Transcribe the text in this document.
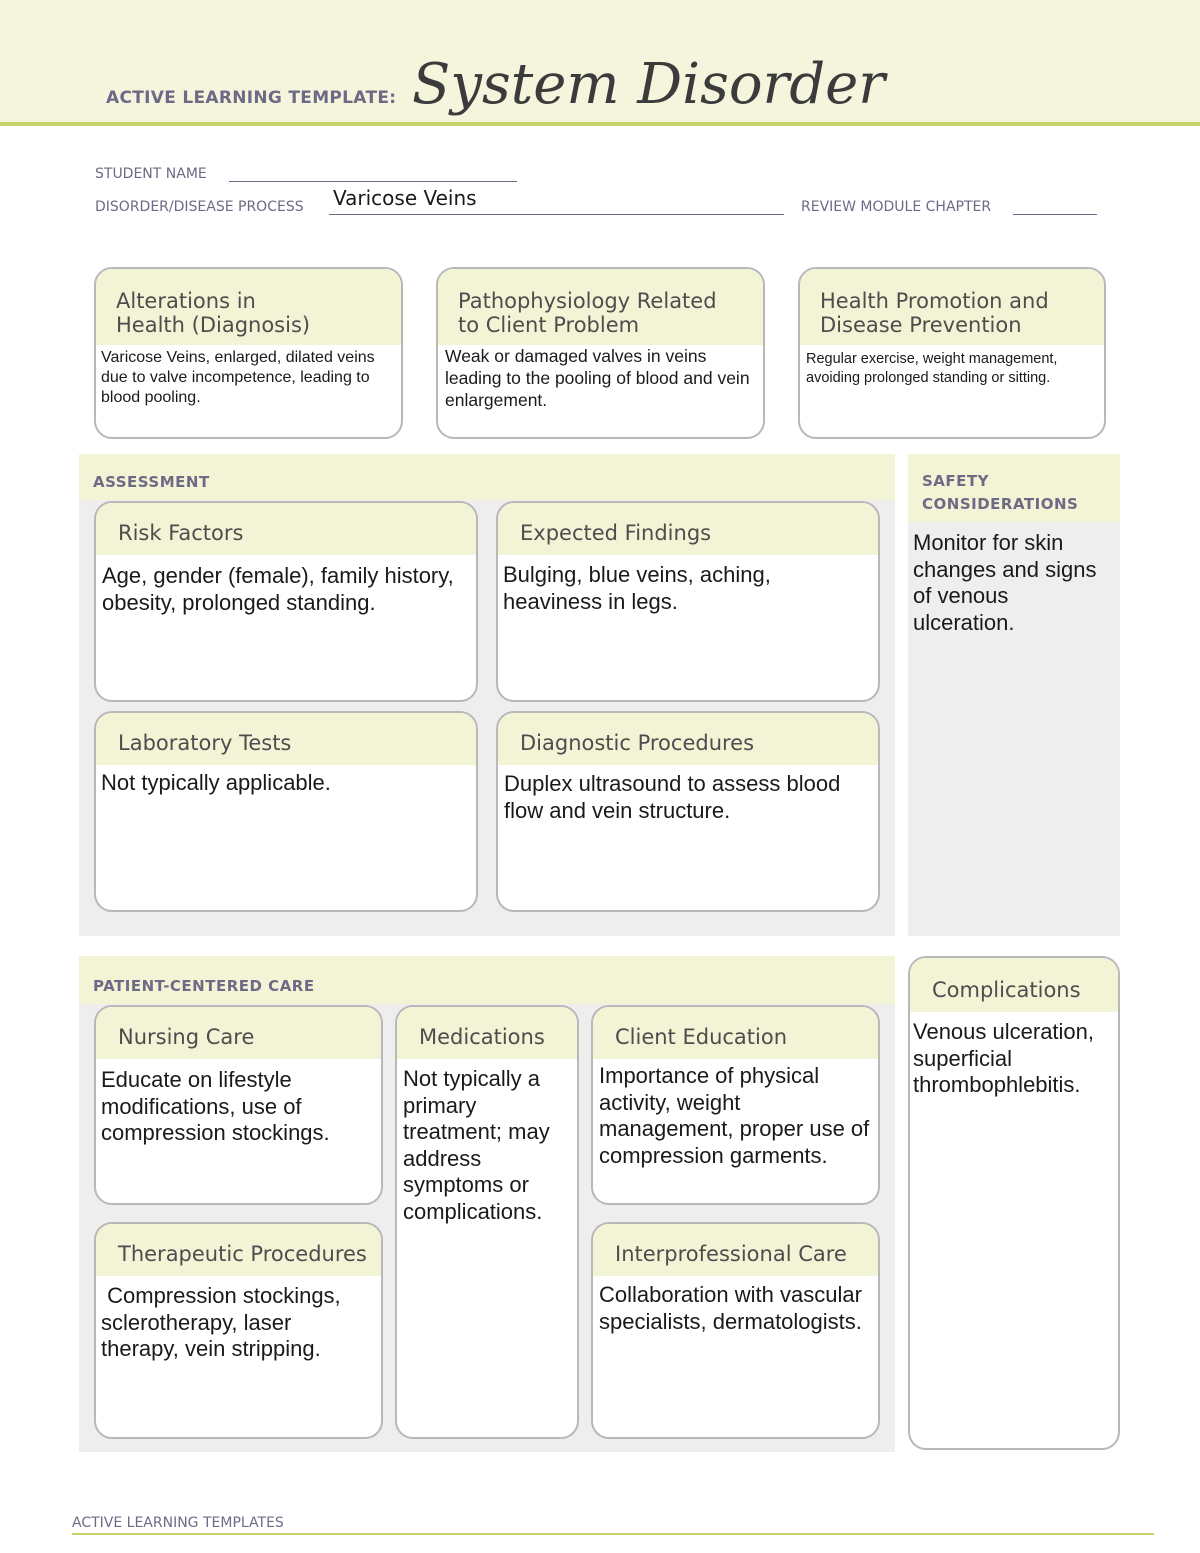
ACTIVE LEARNING TEMPLATE: System Disorder
STUDENT NAME
DISORDER/DISEASE PROCESS Varicose Veins	REVIEW MODULE CHAPTER
Alterations in
Health (Diagnosis)
Varicose Veins, enlarged, dilated veins due to valve incompetence, leading to blood pooling.
Pathophysiology Related
to Client Problem
Weak or damaged valves in veins leading to the pooling of blood and vein enlargement.
Health Promotion and
Disease Prevention
Regular exercise, weight management, avoiding prolonged standing or sitting.
ASSESSMENT
Risk Factors
Age, gender (female), family history, obesity, prolonged standing.
Expected Findings
Bulging, blue veins, aching, heaviness in legs.
Laboratory Tests
Not typically applicable.
Diagnostic Procedures
Duplex ultrasound to assess blood flow and vein structure.
SAFETY
CONSIDERATIONS
Monitor for skin changes and signs of venous ulceration.
PATIENT-CENTERED CARE
Nursing Care
Educate on lifestyle modifications, use of compression stockings.
Medications
Not typically a primary treatment; may address symptoms or complications.
Client Education
Importance of physical activity, weight management, proper use of compression garments.
Therapeutic Procedures
Compression stockings, sclerotherapy, laser therapy, vein stripping.
Interprofessional Care
Collaboration with vascular specialists, dermatologists.
Complications
Venous ulceration, superficial thrombophlebitis.
ACTIVE LEARNING TEMPLATES
